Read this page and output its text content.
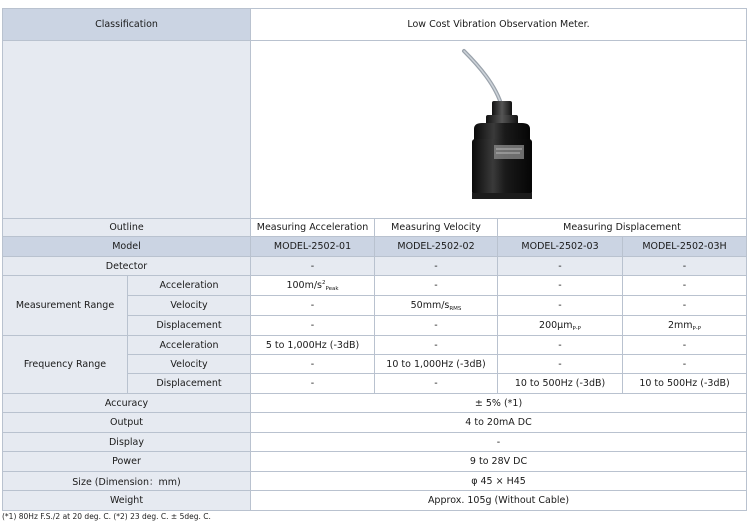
Classification		Low Cost Vibration Observation Meter.			

Outline		Measuring Acceleration	Measuring Velocity	Measuring Displacement	
Model		MODEL-2502-01	MODEL-2502-02	MODEL-2502-03	MODEL-2502-03H
Detector		-	-	-	-
Measurement Range	Acceleration	$100m/s^2_{Peak}$	-	-	-
	Velocity	-	$50mm/s_{RMS}$	-	-
	Displacement	-	-	$200\mu m_{P-P}$	$2mm_{P-P}$
Frequency Range	Acceleration	5 to 1,000Hz (-3dB)	-	-	-
	Velocity	-	10 to 1,000Hz (-3dB)	-	-
	Displacement	-	-	10 to 500Hz (-3dB)	10 to 500Hz (-3dB)
Accuracy		± 5% (*1)			
Output		4 to 20mA DC			
Display		-			
Power		9 to 28V DC			
Size (Dimension：mm)		φ 45 × H45			
Weight		Approx. 105g (Without Cable)			
(*1) 80Hz F.S./2 at 20 deg. C. (*2) 23 deg. C. ± 5deg. C.
